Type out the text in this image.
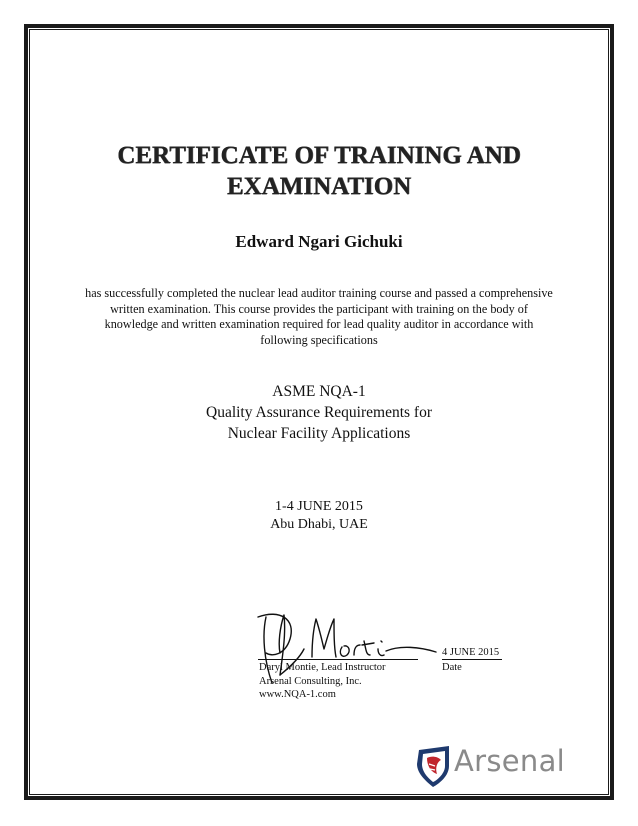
CERTIFICATE OF TRAINING AND
EXAMINATION
Edward Ngari Gichuki
has successfully completed the nuclear lead auditor training course and passed a comprehensive
written examination. This course provides the participant with training on the body of
knowledge and written examination required for lead quality auditor in accordance with
following specifications
ASME NQA-1
Quality Assurance Requirements for
Nuclear Facility Applications
1-4 JUNE 2015
Abu Dhabi, UAE
4 JUNE 2015
Date
Daryl Montie, Lead Instructor
Arsenal Consulting, Inc.
www.NQA-1.com
Arsenal
